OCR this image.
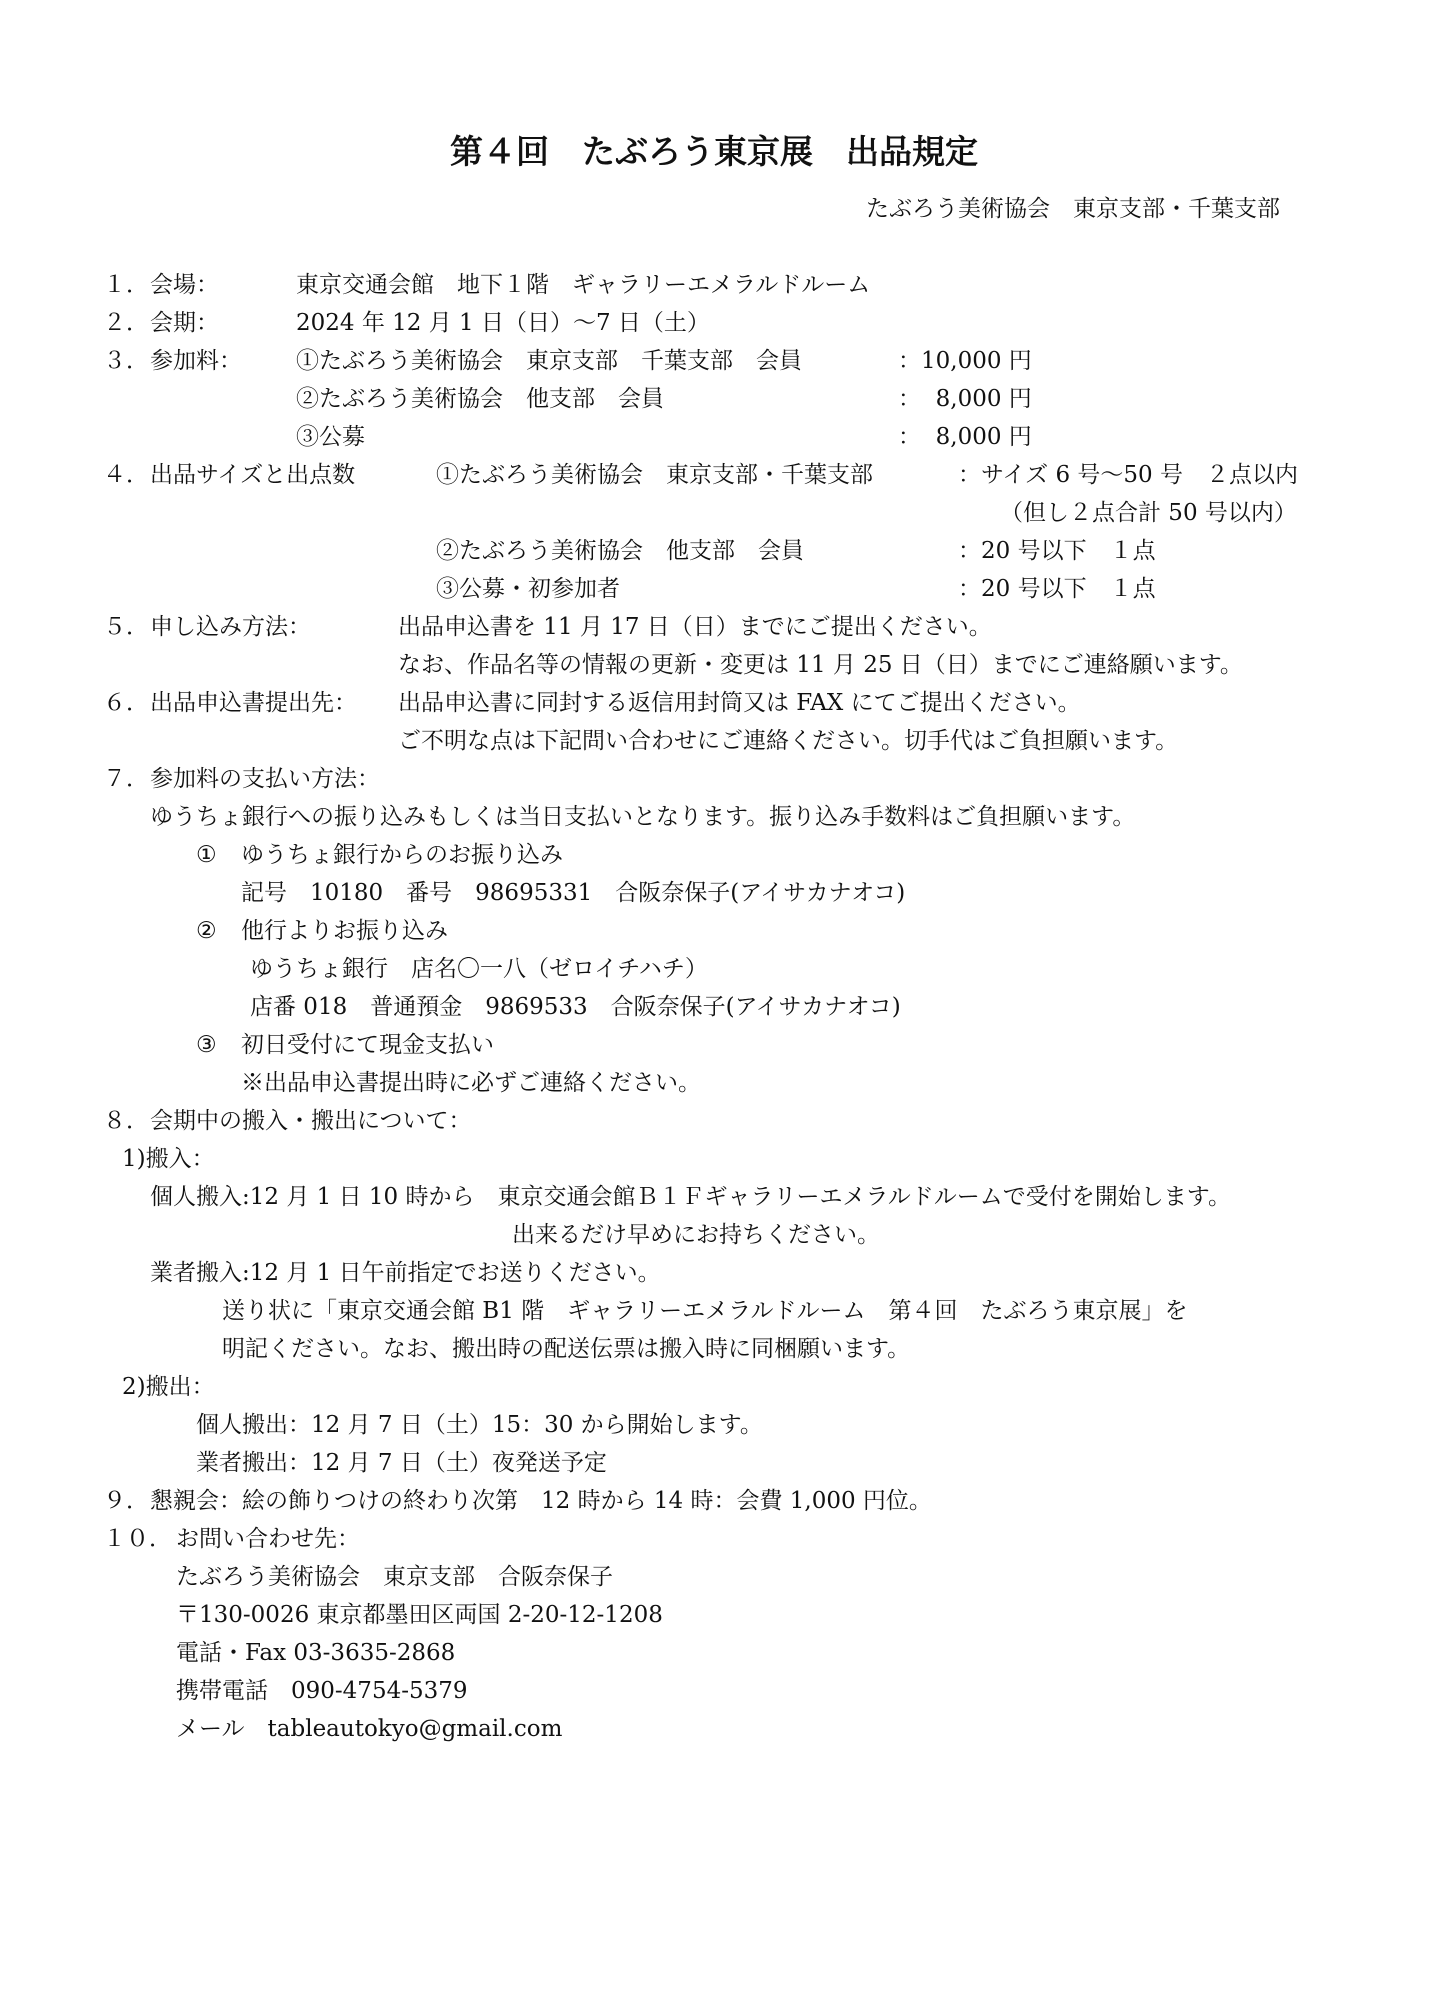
第４回　たぶろう東京展　出品規定
たぶろう美術協会　東京支部・千葉支部
１． 会場：	東京交通会館　地下１階　ギャラリーエメラルドルーム
２． 会期：	2024 年 12 月 1 日（日）～7 日（土）
３． 参加料： ①たぶろう美術協会　東京支部　千葉支部　会員	：10,000 円
②たぶろう美術協会　他支部　会員	：  8,000 円
③公募	：  8,000 円
４． 出品サイズと出点数	①たぶろう美術協会　東京支部・千葉支部	：サイズ 6 号～50 号　２点以内
（但し２点合計 50 号以内）
②たぶろう美術協会　他支部　会員	：20 号以下　１点
③公募・初参加者	：20 号以下　１点
５． 申し込み方法：	出品申込書を 11 月 17 日（日）までにご提出ください。
なお、作品名等の情報の更新・変更は 11 月 25 日（日）までにご連絡願います。
６． 出品申込書提出先： 出品申込書に同封する返信用封筒又は FAX にてご提出ください。
ご不明な点は下記問い合わせにご連絡ください。切手代はご負担願います。
７． 参加料の支払い方法：
ゆうちょ銀行への振り込みもしくは当日支払いとなります。振り込み手数料はご負担願います。
① ゆうちょ銀行からのお振り込み
記号　10180　番号　98695331　合阪奈保子(アイサカナオコ)
② 他行よりお振り込み
ゆうちょ銀行　店名〇一八（ゼロイチハチ）
店番 018　普通預金　9869533　合阪奈保子(アイサカナオコ)
③ 初日受付にて現金支払い
※出品申込書提出時に必ずご連絡ください。
８． 会期中の搬入・搬出について：
1)搬入：
個人搬入:12 月 1 日 10 時から　東京交通会館Ｂ１Ｆギャラリーエメラルドルームで受付を開始します。
出来るだけ早めにお持ちください。
業者搬入:12 月 1 日午前指定でお送りください。
送り状に「東京交通会館 B1 階　ギャラリーエメラルドルーム　第４回　たぶろう東京展」を
明記ください。なお、搬出時の配送伝票は搬入時に同梱願います。
2)搬出：
個人搬出：12 月 7 日（土）15：30 から開始します。
業者搬出：12 月 7 日（土）夜発送予定
９． 懇親会：絵の飾りつけの終わり次第　12 時から 14 時：会費 1,000 円位。
１０． お問い合わせ先：
たぶろう美術協会　東京支部　合阪奈保子
〒130-0026 東京都墨田区両国 2-20-12-1208
電話・Fax 03-3635-2868
携帯電話　090-4754-5379
メール　tableautokyo@gmail.com
